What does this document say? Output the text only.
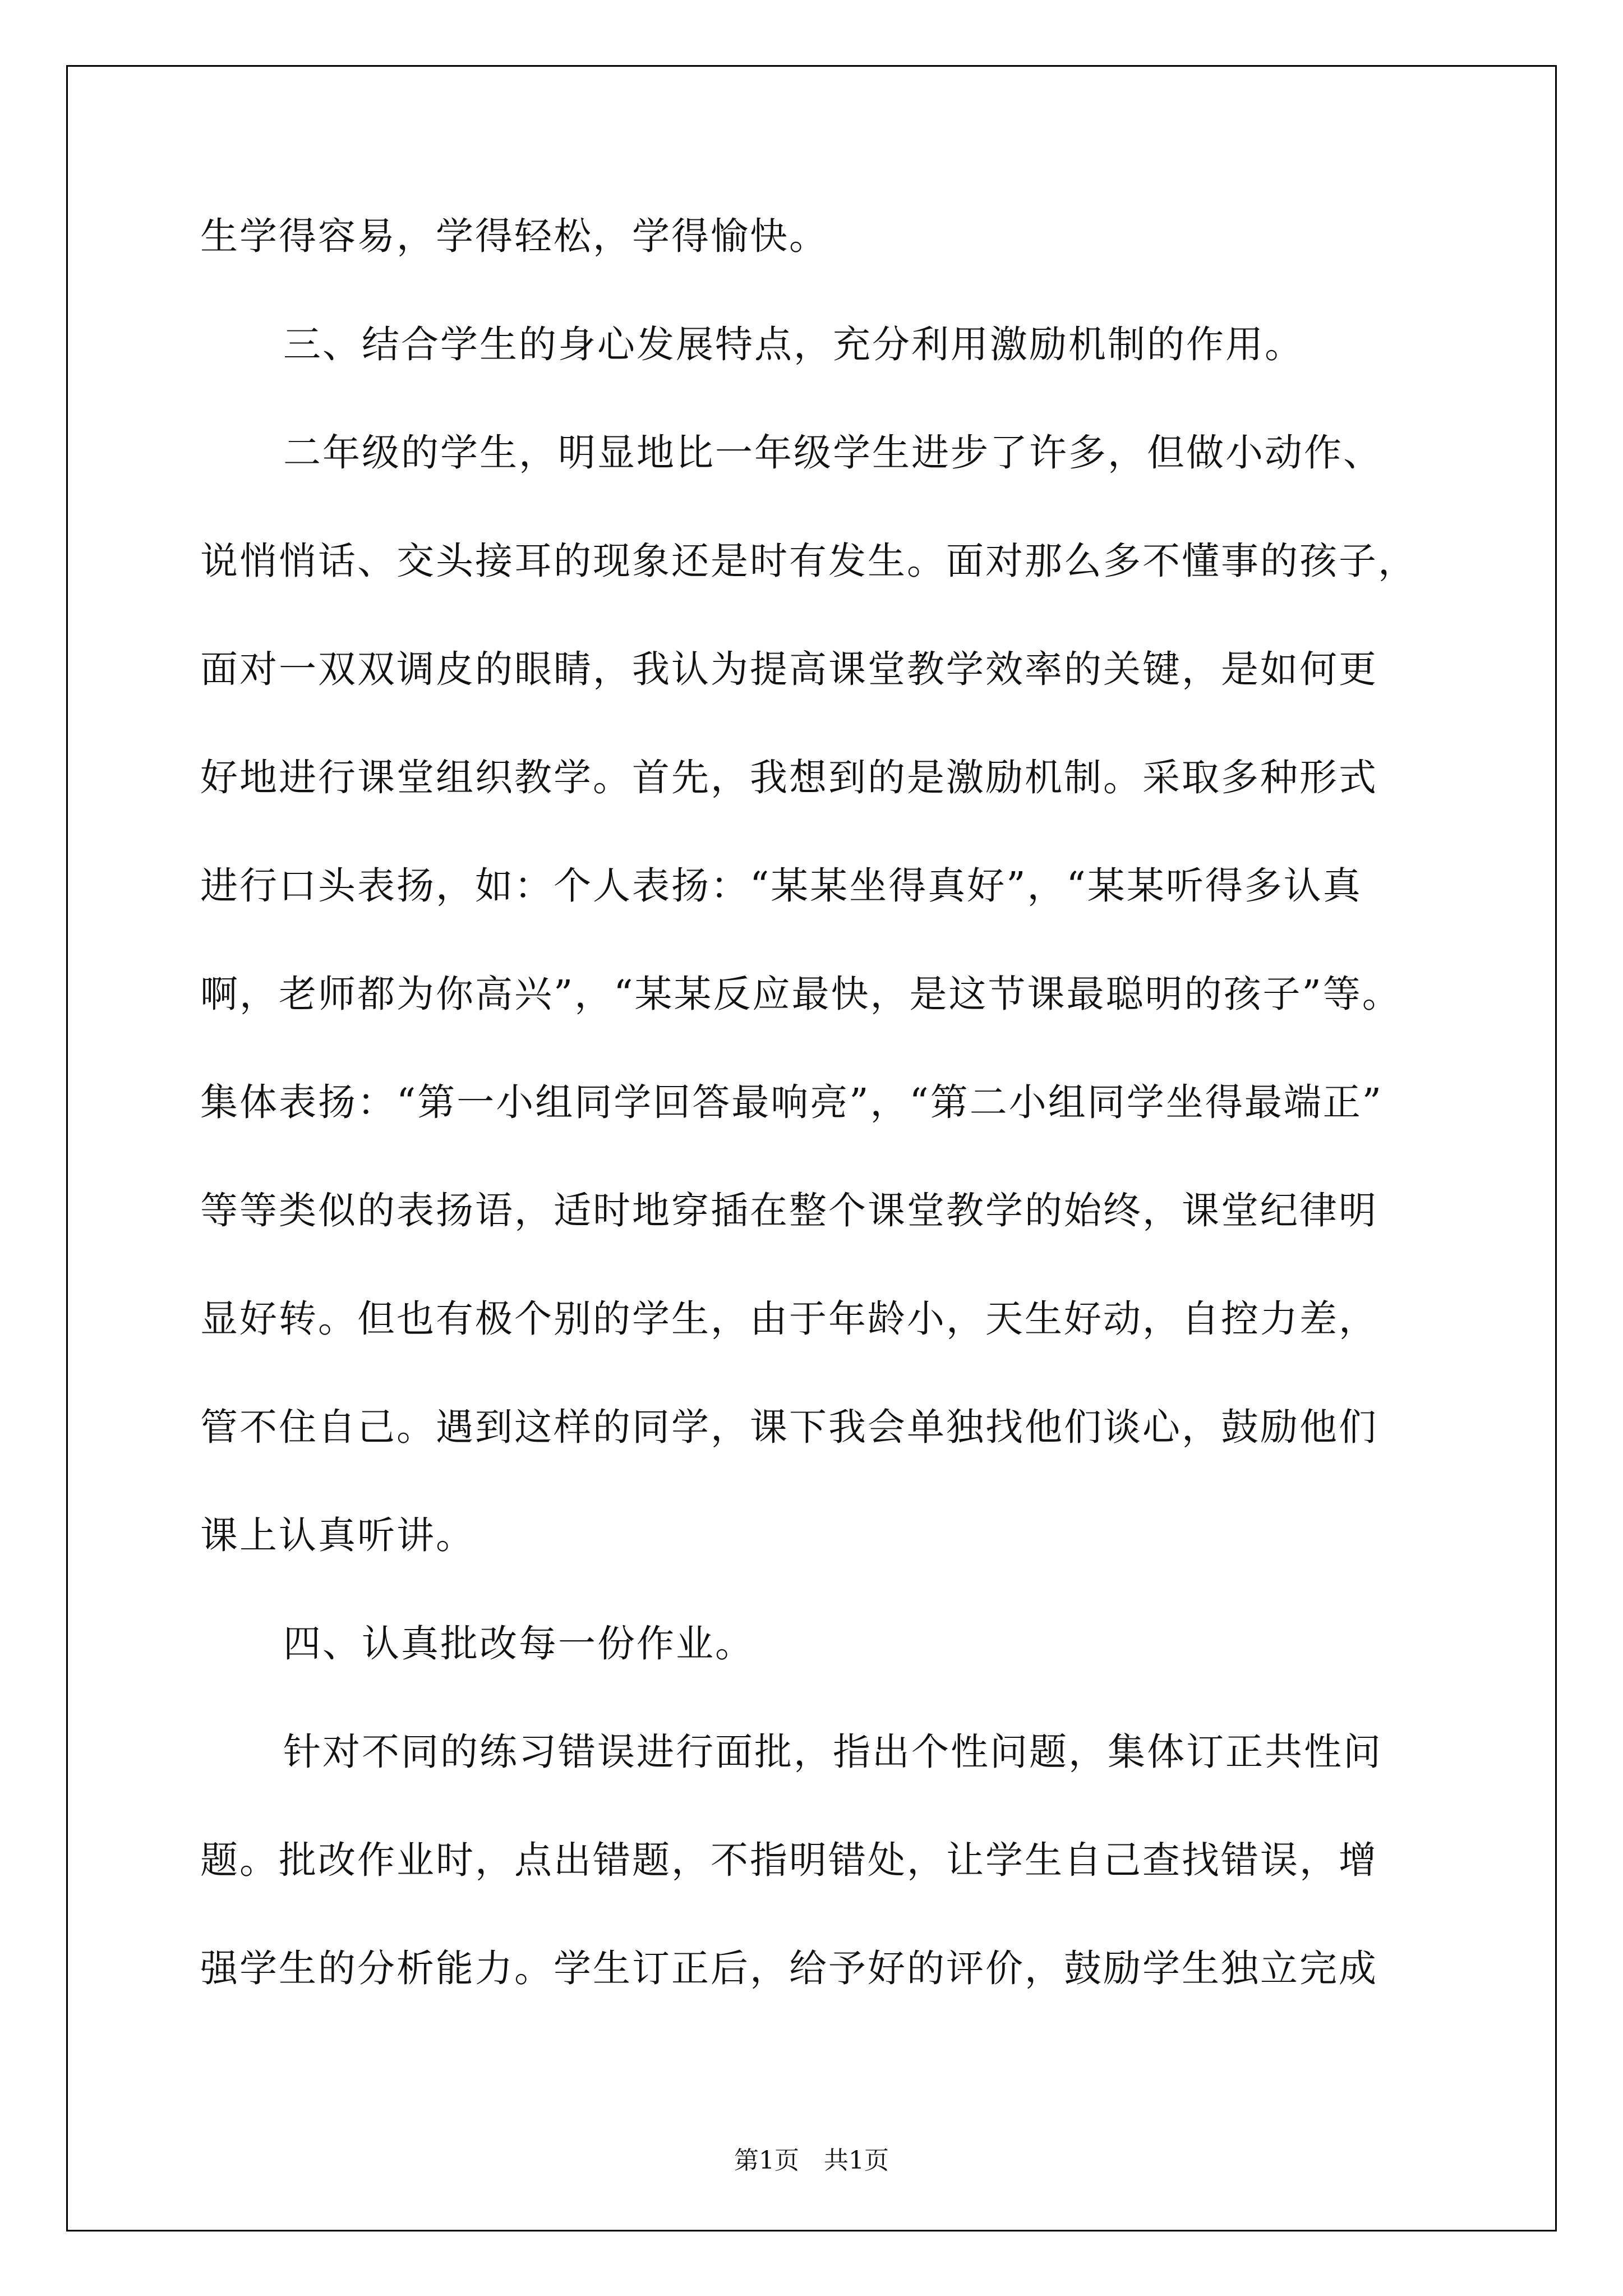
生学得容易，学得轻松，学得愉快。
三、结合学生的身心发展特点，充分利用激励机制的作用。
二年级的学生，明显地比一年级学生进步了许多，但做小动作、
说悄悄话、交头接耳的现象还是时有发生。面对那么多不懂事的孩子，
面对一双双调皮的眼睛，我认为提高课堂教学效率的关键，是如何更
好地进行课堂组织教学。首先，我想到的是激励机制。采取多种形式
进行口头表扬，如：个人表扬：“某某坐得真好”，“某某听得多认真
啊，老师都为你高兴”，“某某反应最快，是这节课最聪明的孩子”等。
集体表扬：“第一小组同学回答最响亮”，“第二小组同学坐得最端正”
等等类似的表扬语，适时地穿插在整个课堂教学的始终，课堂纪律明
显好转。但也有极个别的学生，由于年龄小，天生好动，自控力差，
管不住自己。遇到这样的同学，课下我会单独找他们谈心，鼓励他们
课上认真听讲。
四、认真批改每一份作业。
针对不同的练习错误进行面批，指出个性问题，集体订正共性问
题。批改作业时，点出错题，不指明错处，让学生自己查找错误，增
强学生的分析能力。学生订正后，给予好的评价，鼓励学生独立完成
第1页　共1页
